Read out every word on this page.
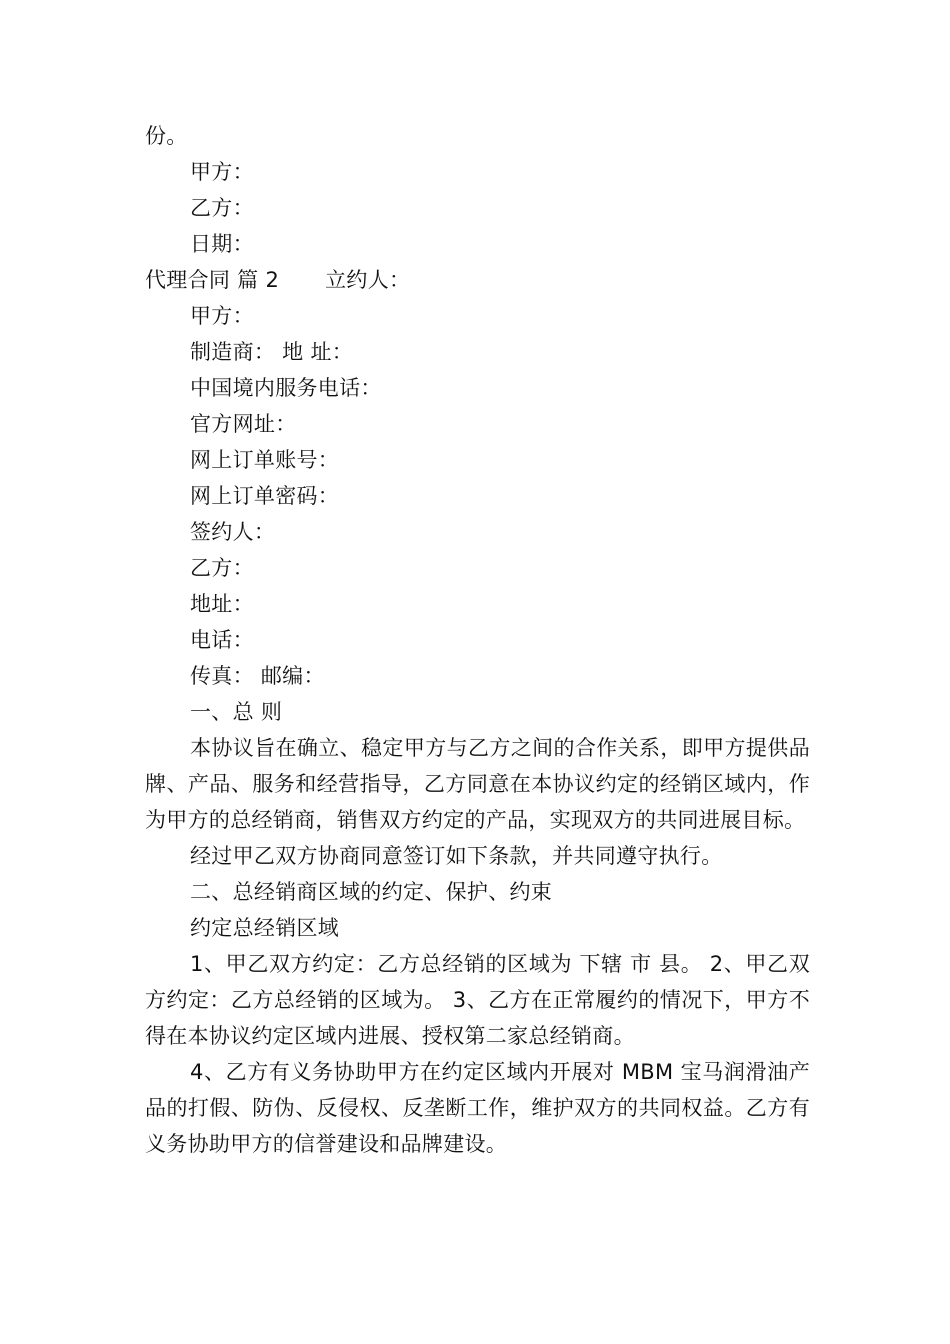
份。

甲方：

乙方：

日期：

代理合同 篇 2 立约人：

甲方：

制造商： 地 址：

中国境内服务电话：

官方网址：

网上订单账号：

网上订单密码：

签约人：

乙方：

地址：

电话：

传真： 邮编：

一、总 则

本协议旨在确立、稳定甲方与乙方之间的合作关系，即甲方提供品牌、产品、服务和经营指导，乙方同意在本协议约定的经销区域内，作为甲方的总经销商，销售双方约定的产品，实现双方的共同进展目标。

经过甲乙双方协商同意签订如下条款，并共同遵守执行。

二、总经销商区域的约定、保护、约束

约定总经销区域

1、甲乙双方约定：乙方总经销的区域为 下辖 市 县。 2、甲乙双方约定：乙方总经销的区域为。 3、乙方在正常履约的情况下，甲方不得在本协议约定区域内进展、授权第二家总经销商。

4、乙方有义务协助甲方在约定区域内开展对 MBM 宝马润滑油产品的打假、防伪、反侵权、反垄断工作，维护双方的共同权益。乙方有义务协助甲方的信誉建设和品牌建设。
